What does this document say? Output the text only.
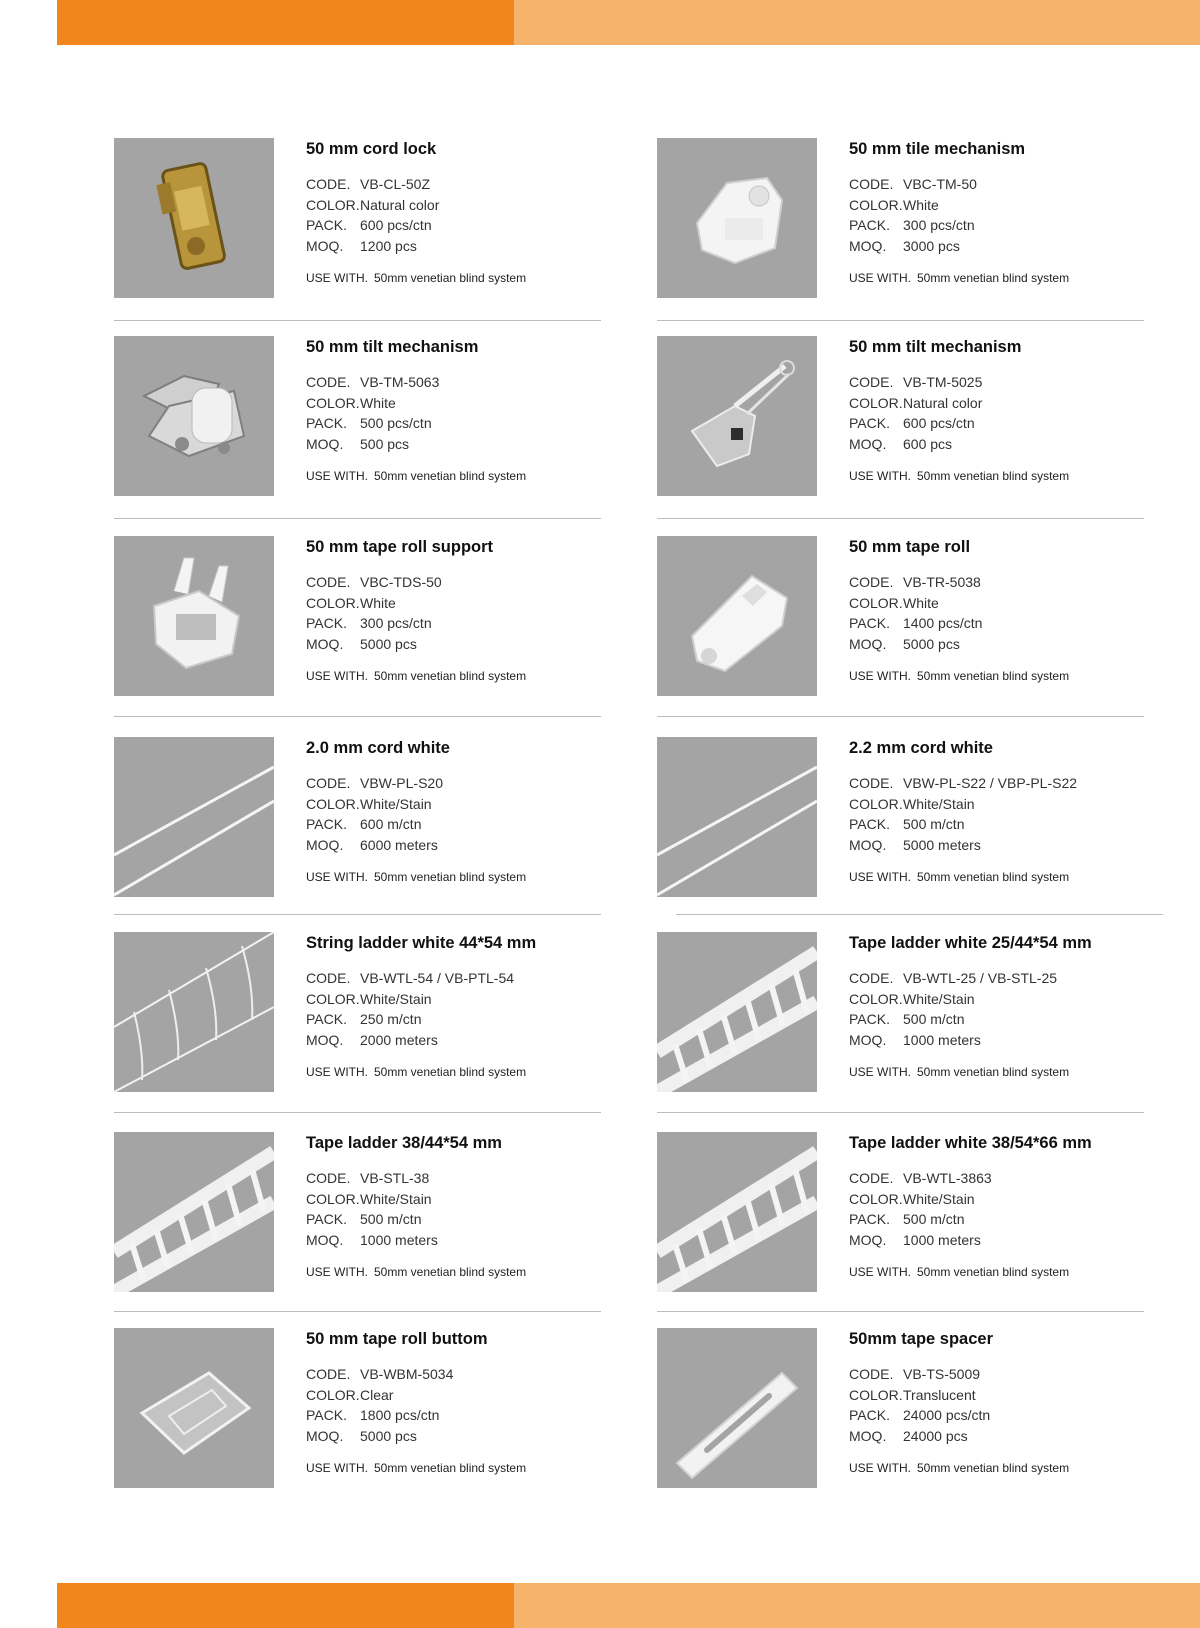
50 mm cord lock
CODE. VB-CL-50Z
COLOR.Natural color
PACK. 600 pcs/ctn
MOQ. 1200 pcs
USE WITH. 50mm venetian blind system
50 mm tile mechanism
CODE. VBC-TM-50
COLOR.White
PACK. 300 pcs/ctn
MOQ. 3000 pcs
USE WITH. 50mm venetian blind system
50 mm tilt mechanism
CODE. VB-TM-5063
COLOR.White
PACK. 500 pcs/ctn
MOQ. 500 pcs
USE WITH. 50mm venetian blind system
50 mm tilt mechanism
CODE. VB-TM-5025
COLOR.Natural color
PACK. 600 pcs/ctn
MOQ. 600 pcs
USE WITH. 50mm venetian blind system
50 mm tape roll support
CODE. VBC-TDS-50
COLOR.White
PACK. 300 pcs/ctn
MOQ. 5000 pcs
USE WITH. 50mm venetian blind system
50 mm tape roll
CODE. VB-TR-5038
COLOR.White
PACK. 1400 pcs/ctn
MOQ. 5000 pcs
USE WITH. 50mm venetian blind system
2.0 mm cord white
CODE. VBW-PL-S20
COLOR.White/Stain
PACK. 600 m/ctn
MOQ. 6000 meters
USE WITH. 50mm venetian blind system
2.2 mm cord white
CODE. VBW-PL-S22 / VBP-PL-S22
COLOR.White/Stain
PACK. 500 m/ctn
MOQ. 5000 meters
USE WITH. 50mm venetian blind system
String ladder white 44*54 mm
CODE. VB-WTL-54 / VB-PTL-54
COLOR.White/Stain
PACK. 250 m/ctn
MOQ. 2000 meters
USE WITH. 50mm venetian blind system
Tape ladder white 25/44*54 mm
CODE. VB-WTL-25 / VB-STL-25
COLOR.White/Stain
PACK. 500 m/ctn
MOQ. 1000 meters
USE WITH. 50mm venetian blind system
Tape ladder 38/44*54 mm
CODE. VB-STL-38
COLOR.White/Stain
PACK. 500 m/ctn
MOQ. 1000 meters
USE WITH. 50mm venetian blind system
Tape ladder white 38/54*66 mm
CODE. VB-WTL-3863
COLOR.White/Stain
PACK. 500 m/ctn
MOQ. 1000 meters
USE WITH. 50mm venetian blind system
50 mm tape roll buttom
CODE. VB-WBM-5034
COLOR.Clear
PACK. 1800 pcs/ctn
MOQ. 5000 pcs
USE WITH. 50mm venetian blind system
50mm tape spacer
CODE. VB-TS-5009
COLOR.Translucent
PACK. 24000 pcs/ctn
MOQ. 24000 pcs
USE WITH. 50mm venetian blind system
